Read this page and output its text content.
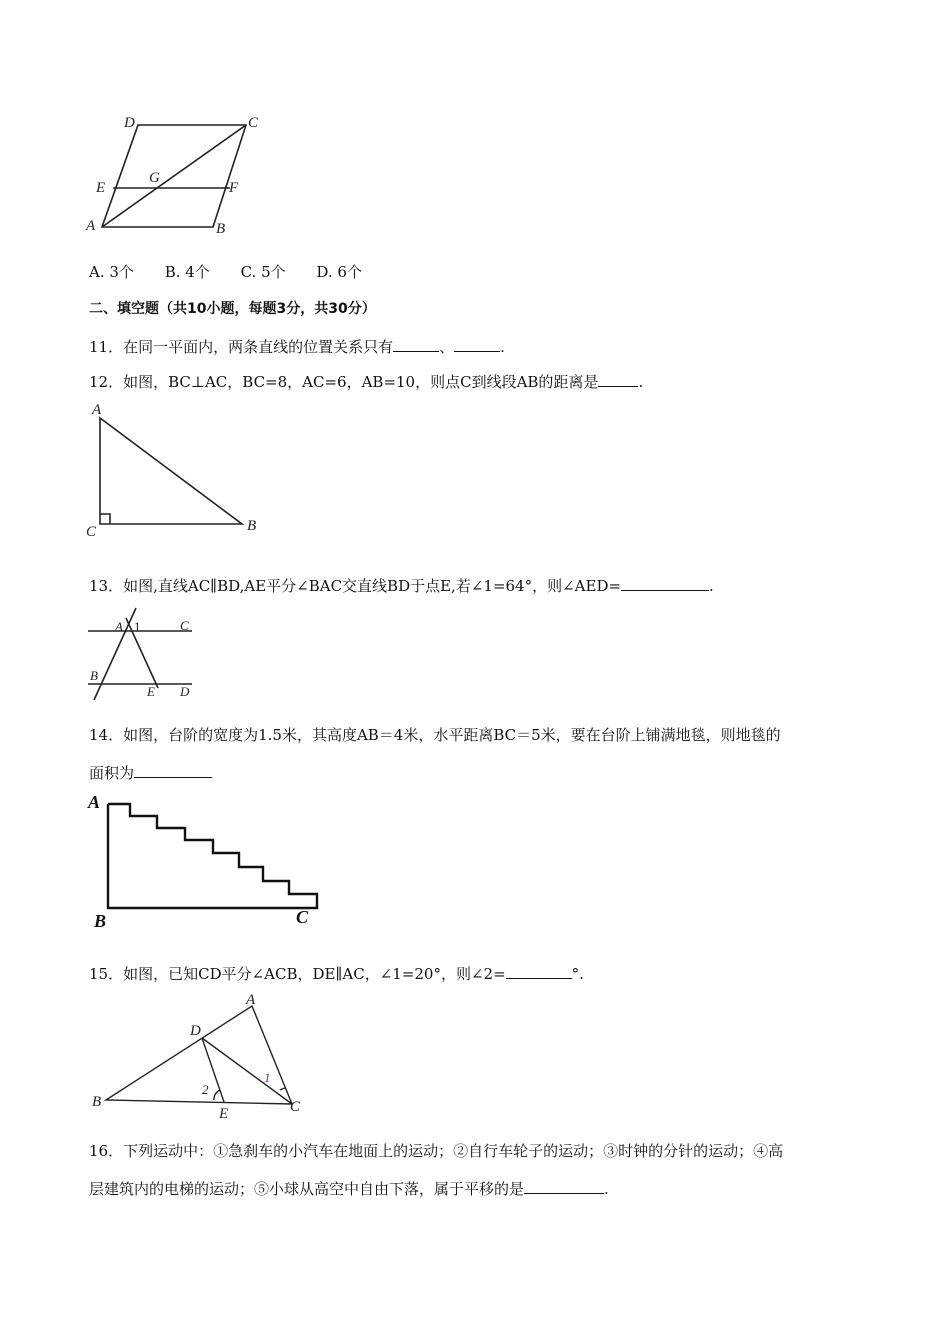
D	C
E
G
F
A	B
A. 3个 B. 4个 C. 5个 D. 6个
二、填空题（共10小题，每题3分，共30分）
11．在同一平面内，两条直线的位置关系只有	、	.
12．如图，BC⊥AC，BC=8，AC=6，AB=10，则点C到线段AB的距离是	.
A
C	B
13．如图,直线AC∥BD,AE平分∠BAC交直线BD于点E,若∠1=64°，则∠AED=	.
A 1	C
B
E D
14．如图，台阶的宽度为1.5米，其高度AB＝4米，水平距离BC＝5米，要在台阶上铺满地毯，则地毯的
面积为
A
B	C
15．如图，已知CD平分∠ACB，DE∥AC，∠1=20°，则∠2=	°.
A
D
B
E	C
1
2
16．下列运动中：①急刹车的小汽车在地面上的运动；②自行车轮子的运动；③时钟的分针的运动；④高
层建筑内的电梯的运动；⑤小球从高空中自由下落，属于平移的是	.
